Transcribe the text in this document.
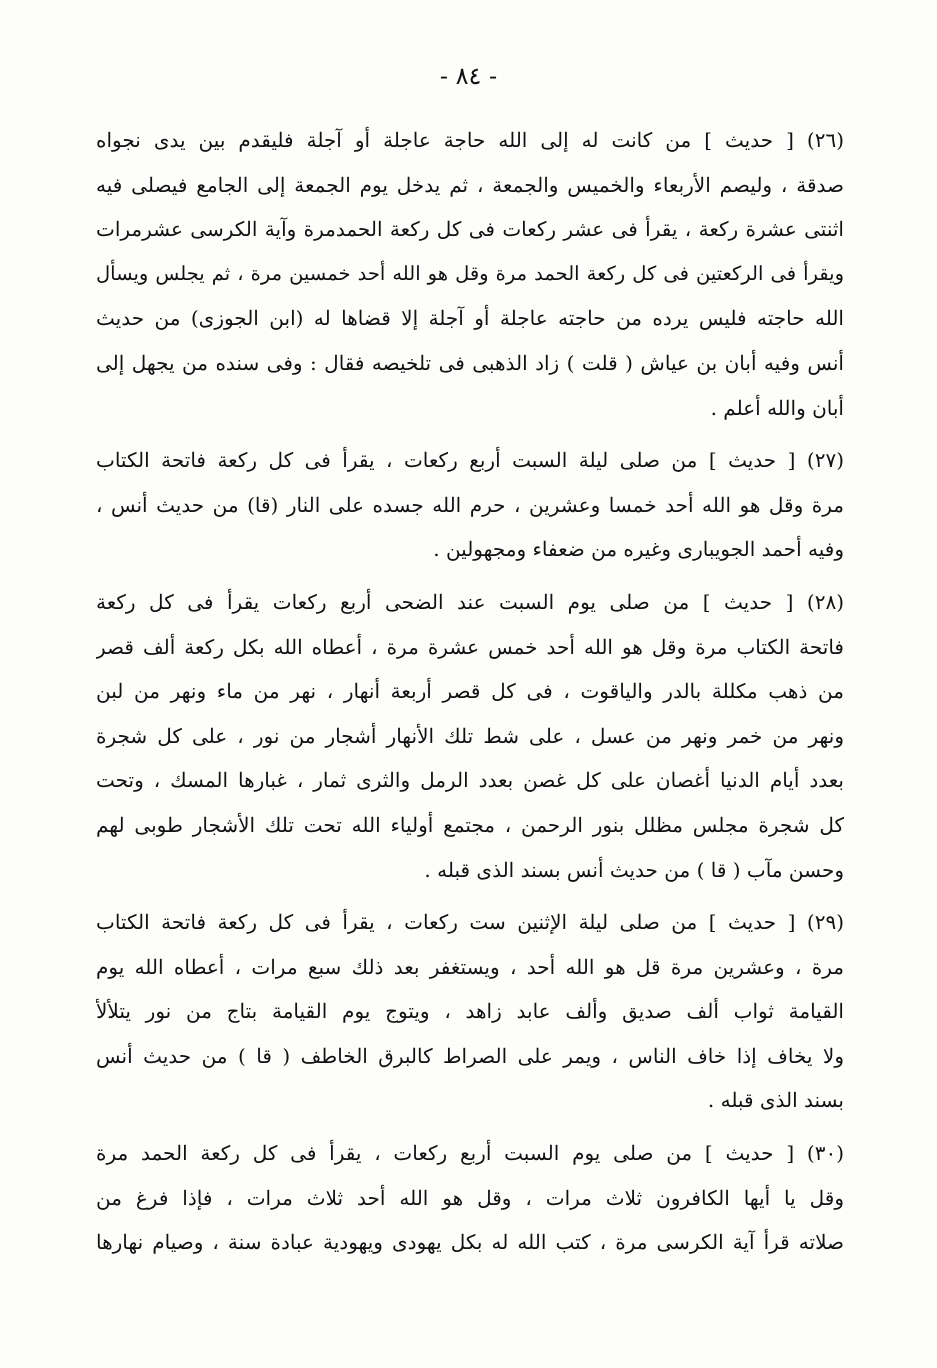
- ٨٤ -
(٢٦) [ حديث ] من كانت له إلى الله حاجة عاجلة أو آجلة فليقدم بين يدى نجواه
صدقة ، وليصم الأربعاء والخميس والجمعة ، ثم يدخل يوم الجمعة إلى الجامع فيصلى فيه
اثنتى عشرة ركعة ، يقرأ فى عشر ركعات فى كل ركعة الحمدمرة وآية الكرسى عشرمرات
ويقرأ فى الركعتين فى كل ركعة الحمد مرة وقل هو الله أحد خمسين مرة ، ثم يجلس ويسأل
الله حاجته فليس يرده من حاجته عاجلة أو آجلة إلا قضاها له (ابن الجوزى) من حديث
أنس وفيه أبان بن عياش ( قلت ) زاد الذهبى فى تلخيصه فقال : وفى سنده من يجهل إلى
أبان والله أعلم .
(٢٧) [ حديث ] من صلى ليلة السبت أربع ركعات ، يقرأ فى كل ركعة فاتحة الكتاب
مرة وقل هو الله أحد خمسا وعشرين ، حرم الله جسده على النار (قا) من حديث أنس ،
وفيه أحمد الجويبارى وغيره من ضعفاء ومجهولين .
(٢٨) [ حديث ] من صلى يوم السبت عند الضحى أربع ركعات يقرأ فى كل ركعة
فاتحة الكتاب مرة وقل هو الله أحد خمس عشرة مرة ، أعطاه الله بكل ركعة ألف قصر
من ذهب مكللة بالدر والياقوت ، فى كل قصر أربعة أنهار ، نهر من ماء ونهر من لبن
ونهر من خمر ونهر من عسل ، على شط تلك الأنهار أشجار من نور ، على كل شجرة
بعدد أيام الدنيا أغصان على كل غصن بعدد الرمل والثرى ثمار ، غبارها المسك ، وتحت
كل شجرة مجلس مظلل بنور الرحمن ، مجتمع أولياء الله تحت تلك الأشجار طوبى لهم
وحسن مآب ( قا ) من حديث أنس بسند الذى قبله .
(٢٩) [ حديث ] من صلى ليلة الإثنين ست ركعات ، يقرأ فى كل ركعة فاتحة الكتاب
مرة ، وعشرين مرة قل هو الله أحد ، ويستغفر بعد ذلك سبع مرات ، أعطاه الله يوم
القيامة ثواب ألف صديق وألف عابد زاهد ، ويتوج يوم القيامة بتاج من نور يتلألأ
ولا يخاف إذا خاف الناس ، ويمر على الصراط كالبرق الخاطف ( قا ) من حديث أنس
بسند الذى قبله .
(٣٠) [ حديث ] من صلى يوم السبت أربع ركعات ، يقرأ فى كل ركعة الحمد مرة
وقل يا أيها الكافرون ثلاث مرات ، وقل هو الله أحد ثلاث مرات ، فإذا فرغ من
صلاته قرأ آية الكرسى مرة ، كتب الله له بكل يهودى ويهودية عبادة سنة ، وصيام نهارها
